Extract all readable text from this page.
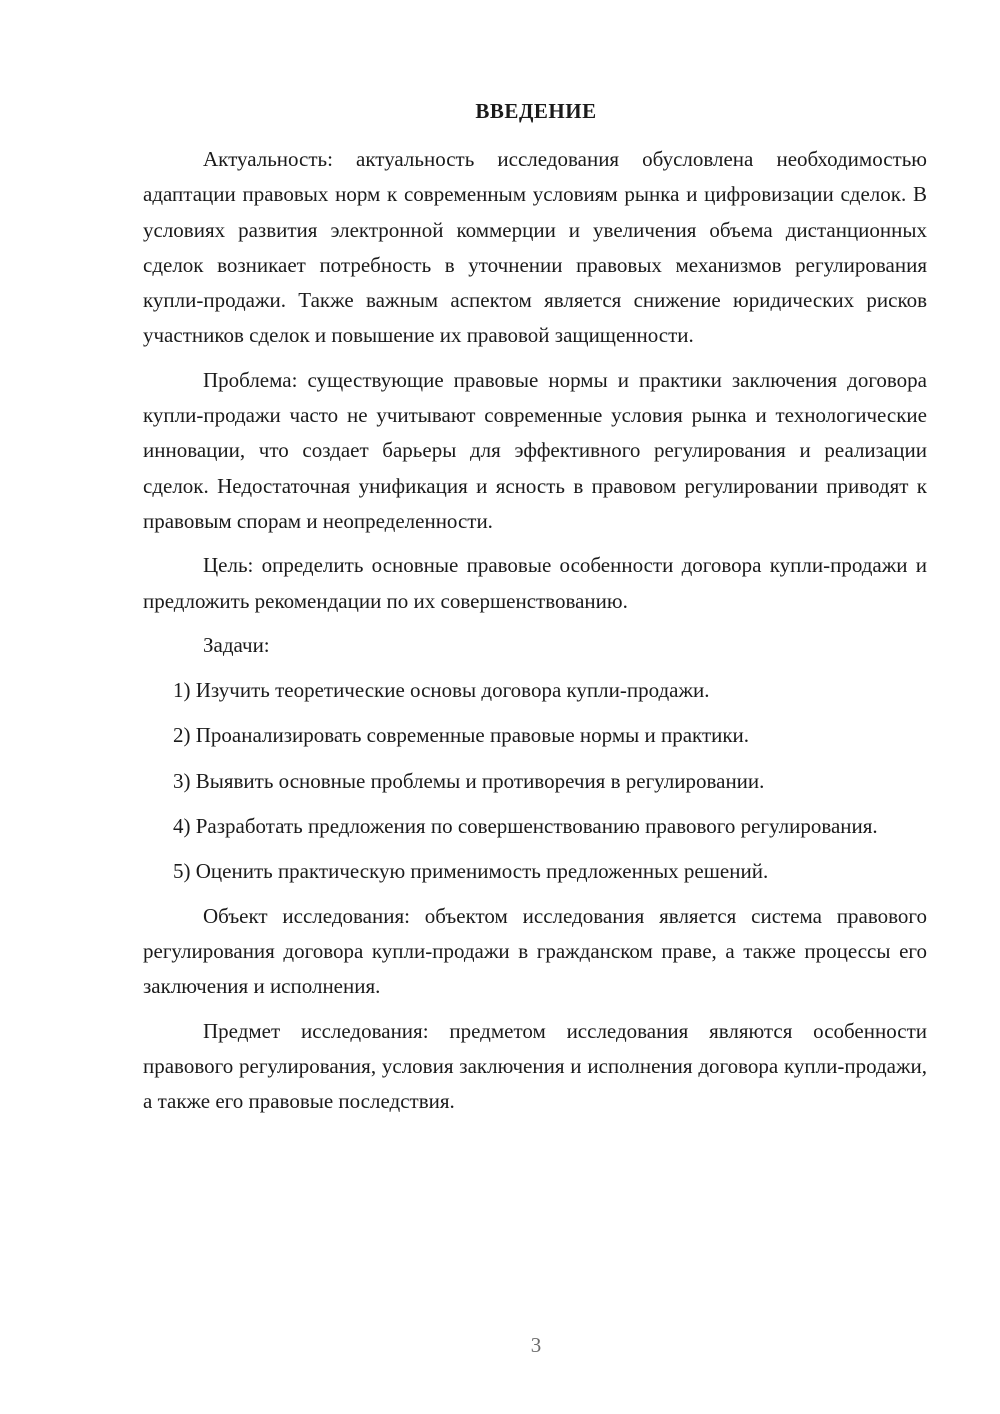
ВВЕДЕНИЕ

Актуальность: актуальность исследования обусловлена необходимостью адаптации правовых норм к современным условиям рынка и цифровизации сделок. В условиях развития электронной коммерции и увеличения объема дистанционных сделок возникает потребность в уточнении правовых механизмов регулирования купли-продажи. Также важным аспектом является снижение юридических рисков участников сделок и повышение их правовой защищенности.

Проблема: существующие правовые нормы и практики заключения договора купли-продажи часто не учитывают современные условия рынка и технологические инновации, что создает барьеры для эффективного регулирования и реализации сделок. Недостаточная унификация и ясность в правовом регулировании приводят к правовым спорам и неопределенности.

Цель: определить основные правовые особенности договора купли-продажи и предложить рекомендации по их совершенствованию.

Задачи:

1) Изучить теоретические основы договора купли-продажи.

2) Проанализировать современные правовые нормы и практики.

3) Выявить основные проблемы и противоречия в регулировании.

4) Разработать предложения по совершенствованию правового регулирования.

5) Оценить практическую применимость предложенных решений.

Объект исследования: объектом исследования является система правового регулирования договора купли-продажи в гражданском праве, а также процессы его заключения и исполнения.

Предмет исследования: предметом исследования являются особенности правового регулирования, условия заключения и исполнения договора купли-продажи, а также его правовые последствия.

3
